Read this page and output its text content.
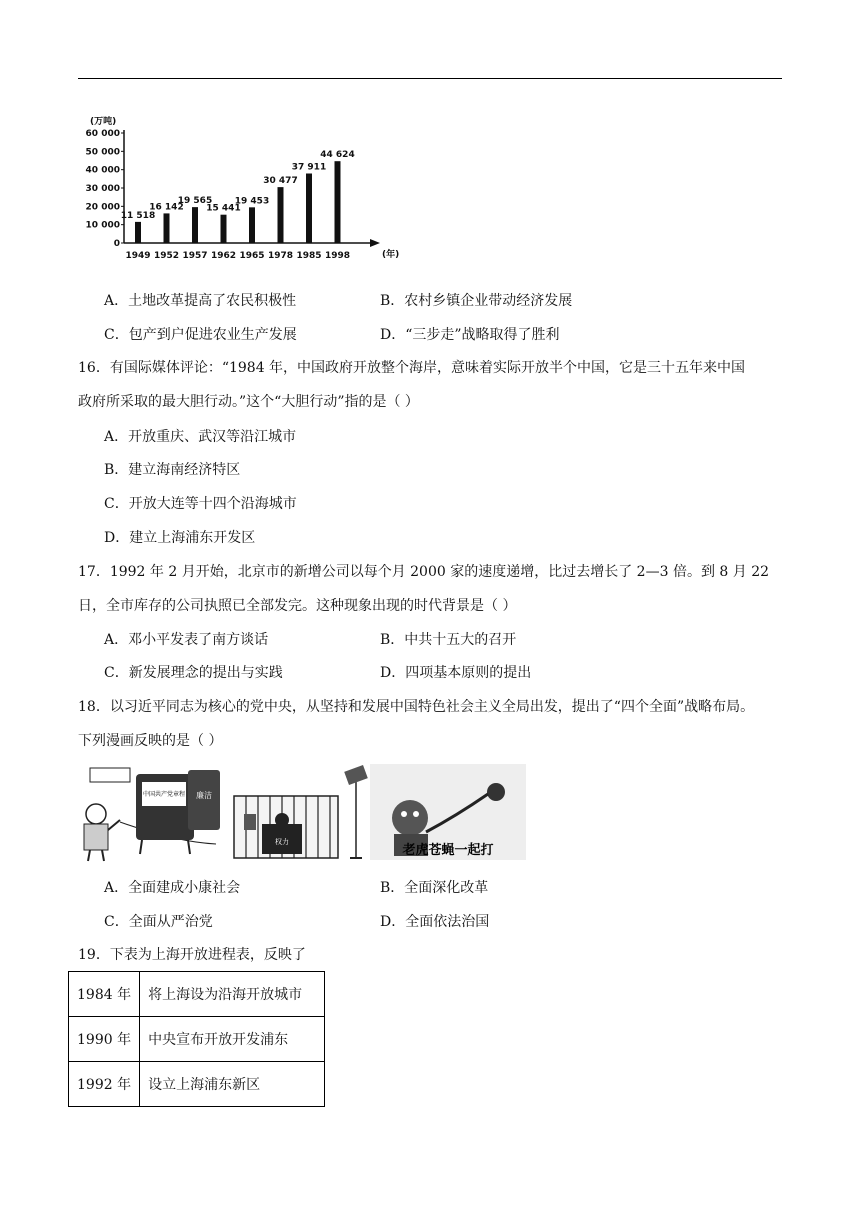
(万吨)
0
10 000
20 000
30 000
40 000
50 000
60 000
11 518
16 142
19 565
15 441
19 453
30 477
37 911
44 624
1949 1952 1957 1962 1965 1978 1985 1998	(年)
A．土地改革提高了农民积极性	B．农村乡镇企业带动经济发展
C．包产到户促进农业生产发展	D．“三步走”战略取得了胜利
16．有国际媒体评论：“1984 年，中国政府开放整个海岸，意味着实际开放半个中国，它是三十五年来中国
政府所采取的最大胆行动。”这个“大胆行动”指的是（ ）
A．开放重庆、武汉等沿江城市
B．建立海南经济特区
C．开放大连等十四个沿海城市
D．建立上海浦东开发区
17．1992 年 2 月开始，北京市的新增公司以每个月 2000 家的速度递增，比过去增长了 2—3 倍。到 8 月 22
日，全市库存的公司执照已全部发完。这种现象出现的时代背景是（ ）
A．邓小平发表了南方谈话	B．中共十五大的召开
C．新发展理念的提出与实践	D．四项基本原则的提出
18．以习近平同志为核心的党中央，从坚持和发展中国特色社会主义全局出发，提出了“四个全面”战略布局。
下列漫画反映的是（ ）
中国共产党章程 廉洁
权力
老虎苍蝇一起打
A．全面建成小康社会	B．全面深化改革
C．全面从严治党	D．全面依法治国
19．下表为上海开放进程表，反映了
1984 年	将上海设为沿海开放城市
1990 年	中央宣布开放开发浦东
1992 年	设立上海浦东新区
